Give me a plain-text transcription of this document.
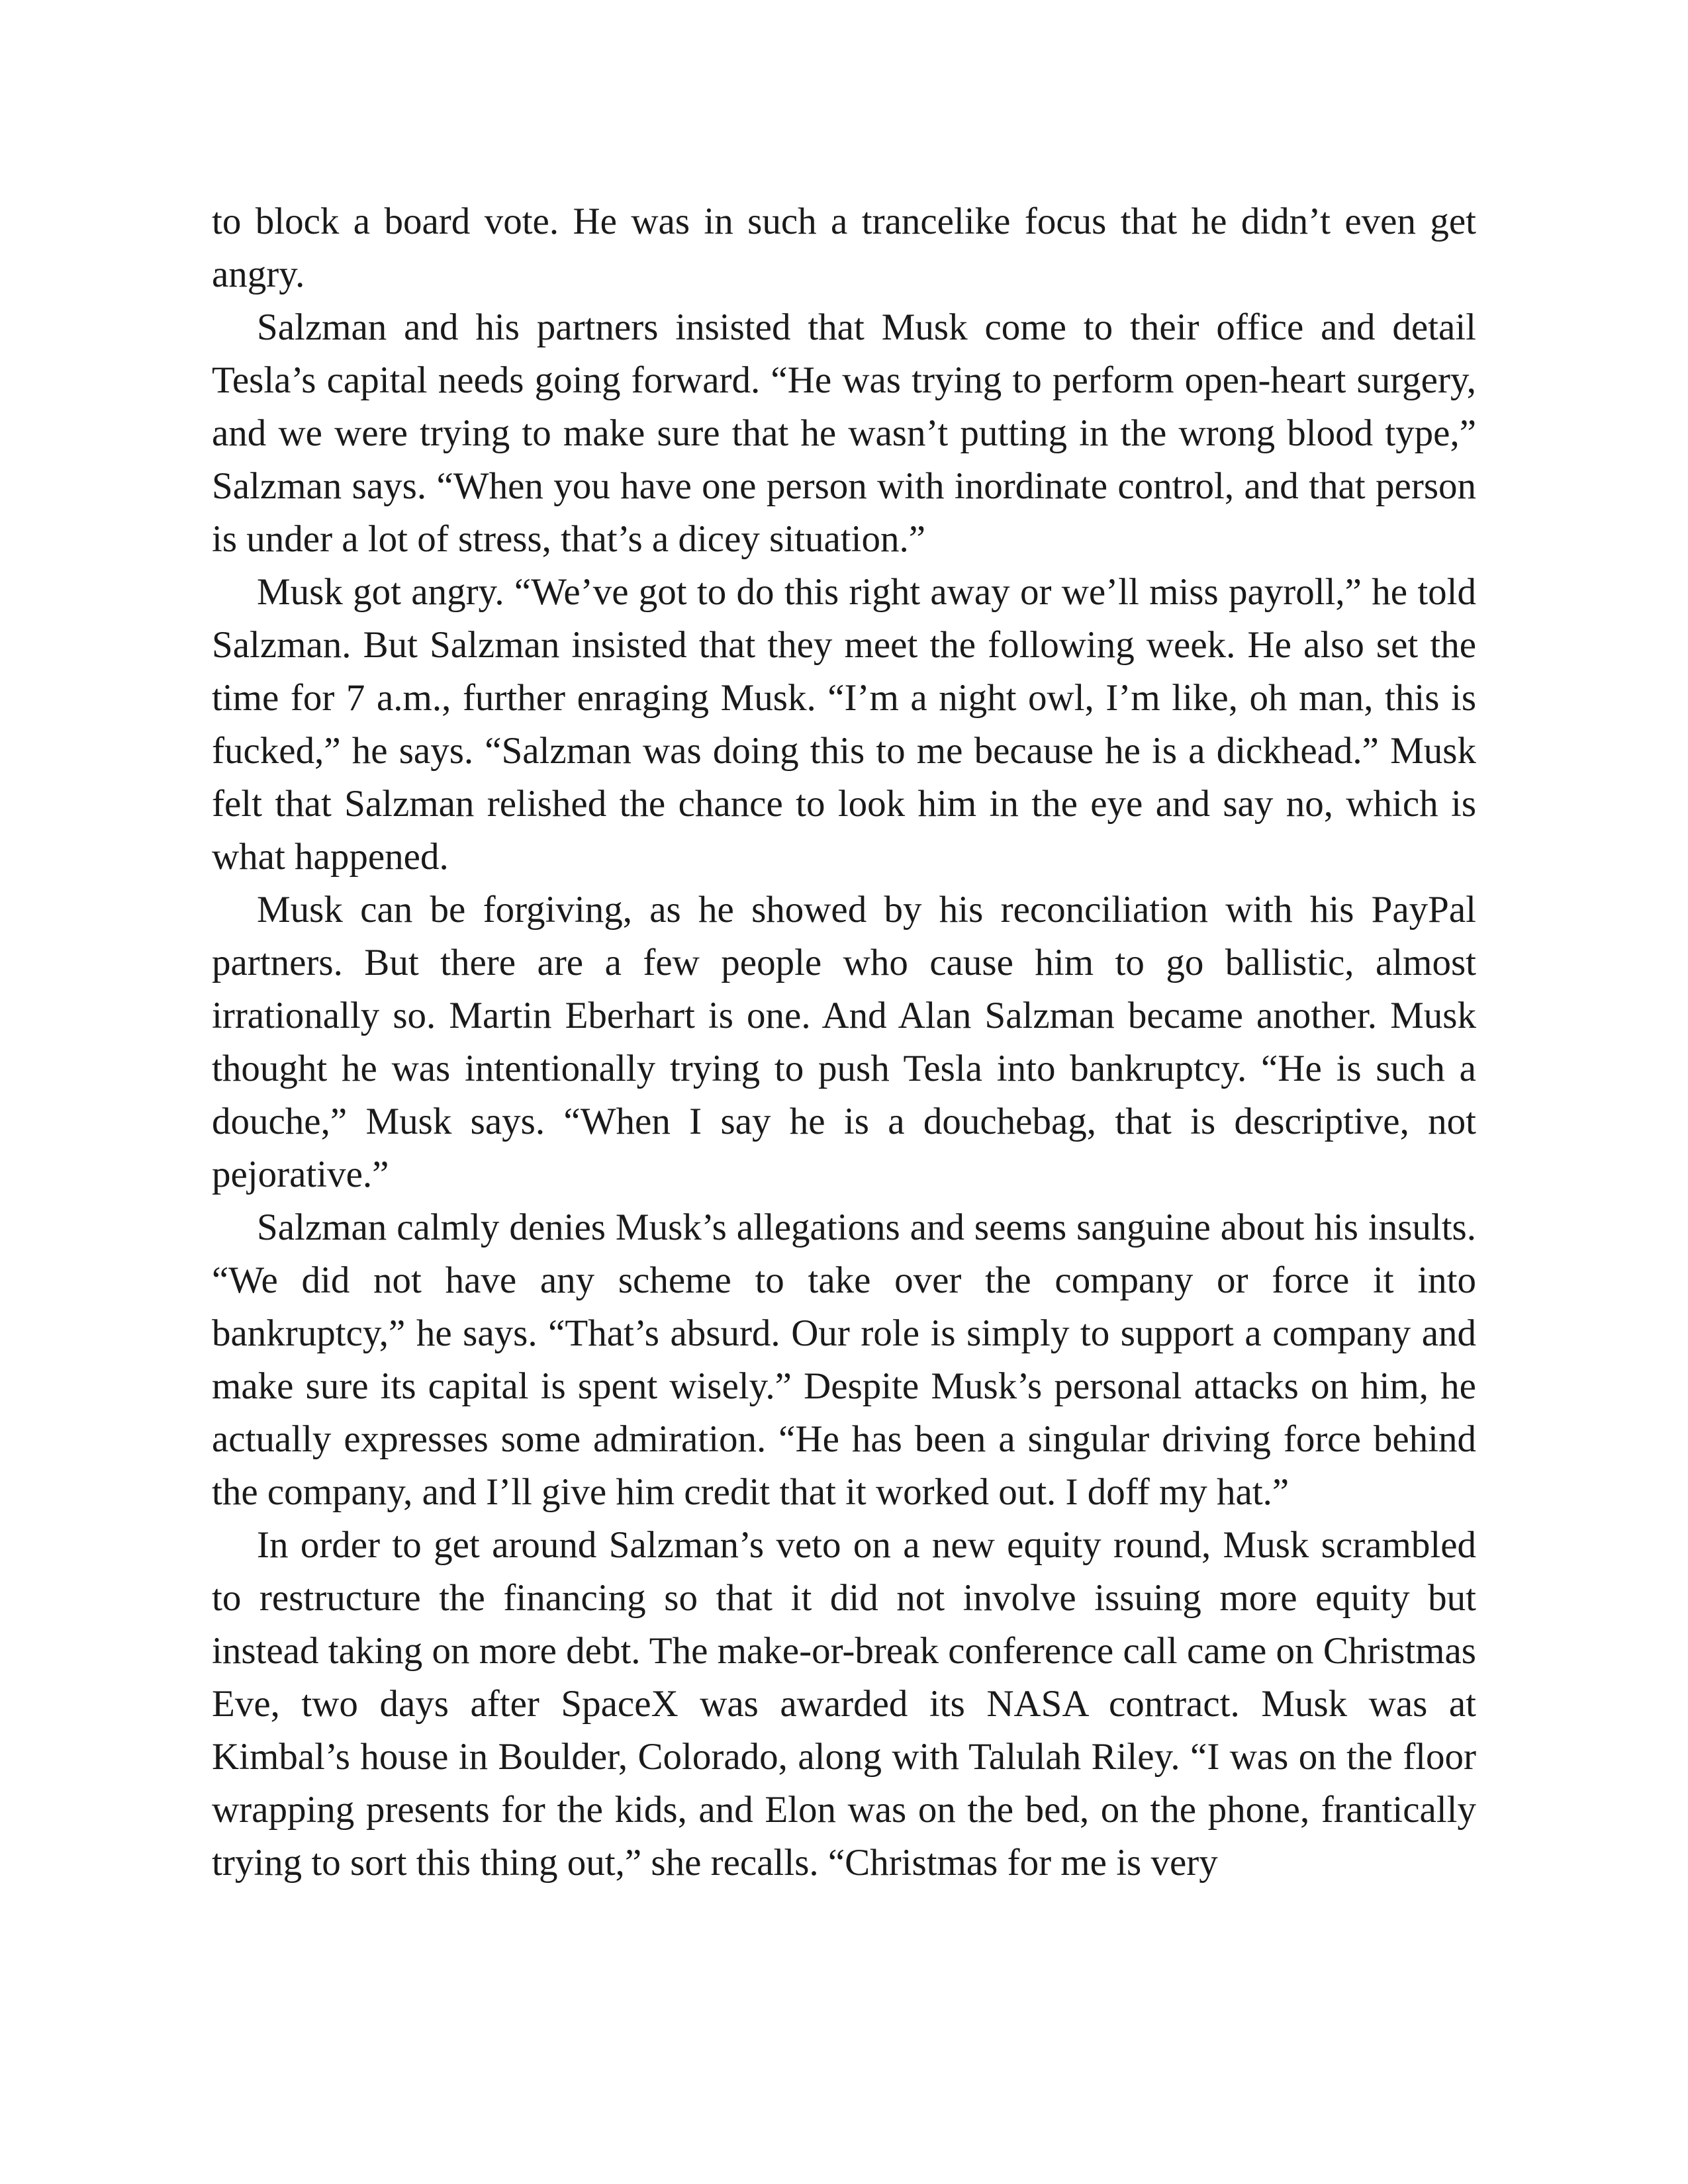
to block a board vote. He was in such a trancelike focus that he didn’t even get angry.

Salzman and his partners insisted that Musk come to their office and detail Tesla’s capital needs going forward. “He was trying to perform open-heart surgery, and we were trying to make sure that he wasn’t putting in the wrong blood type,” Salzman says. “When you have one person with inordinate control, and that person is under a lot of stress, that’s a dicey situation.”

Musk got angry. “We’ve got to do this right away or we’ll miss payroll,” he told Salzman. But Salzman insisted that they meet the following week. He also set the time for 7 a.m., further enraging Musk. “I’m a night owl, I’m like, oh man, this is fucked,” he says. “Salzman was doing this to me because he is a dickhead.” Musk felt that Salzman relished the chance to look him in the eye and say no, which is what happened.

Musk can be forgiving, as he showed by his reconciliation with his PayPal partners. But there are a few people who cause him to go ballistic, almost irrationally so. Martin Eberhart is one. And Alan Salzman became another. Musk thought he was intentionally trying to push Tesla into bankruptcy. “He is such a douche,” Musk says. “When I say he is a douchebag, that is descriptive, not pejorative.”

Salzman calmly denies Musk’s allegations and seems sanguine about his insults. “We did not have any scheme to take over the company or force it into bankruptcy,” he says. “That’s absurd. Our role is simply to support a company and make sure its capital is spent wisely.” Despite Musk’s personal attacks on him, he actually expresses some admiration. “He has been a singular driving force behind the company, and I’ll give him credit that it worked out. I doff my hat.”

In order to get around Salzman’s veto on a new equity round, Musk scrambled to restructure the financing so that it did not involve issuing more equity but instead taking on more debt. The make-or-break conference call came on Christmas Eve, two days after SpaceX was awarded its NASA contract. Musk was at Kimbal’s house in Boulder, Colorado, along with Talulah Riley. “I was on the floor wrapping presents for the kids, and Elon was on the bed, on the phone, frantically trying to sort this thing out,” she recalls. “Christmas for me is very
